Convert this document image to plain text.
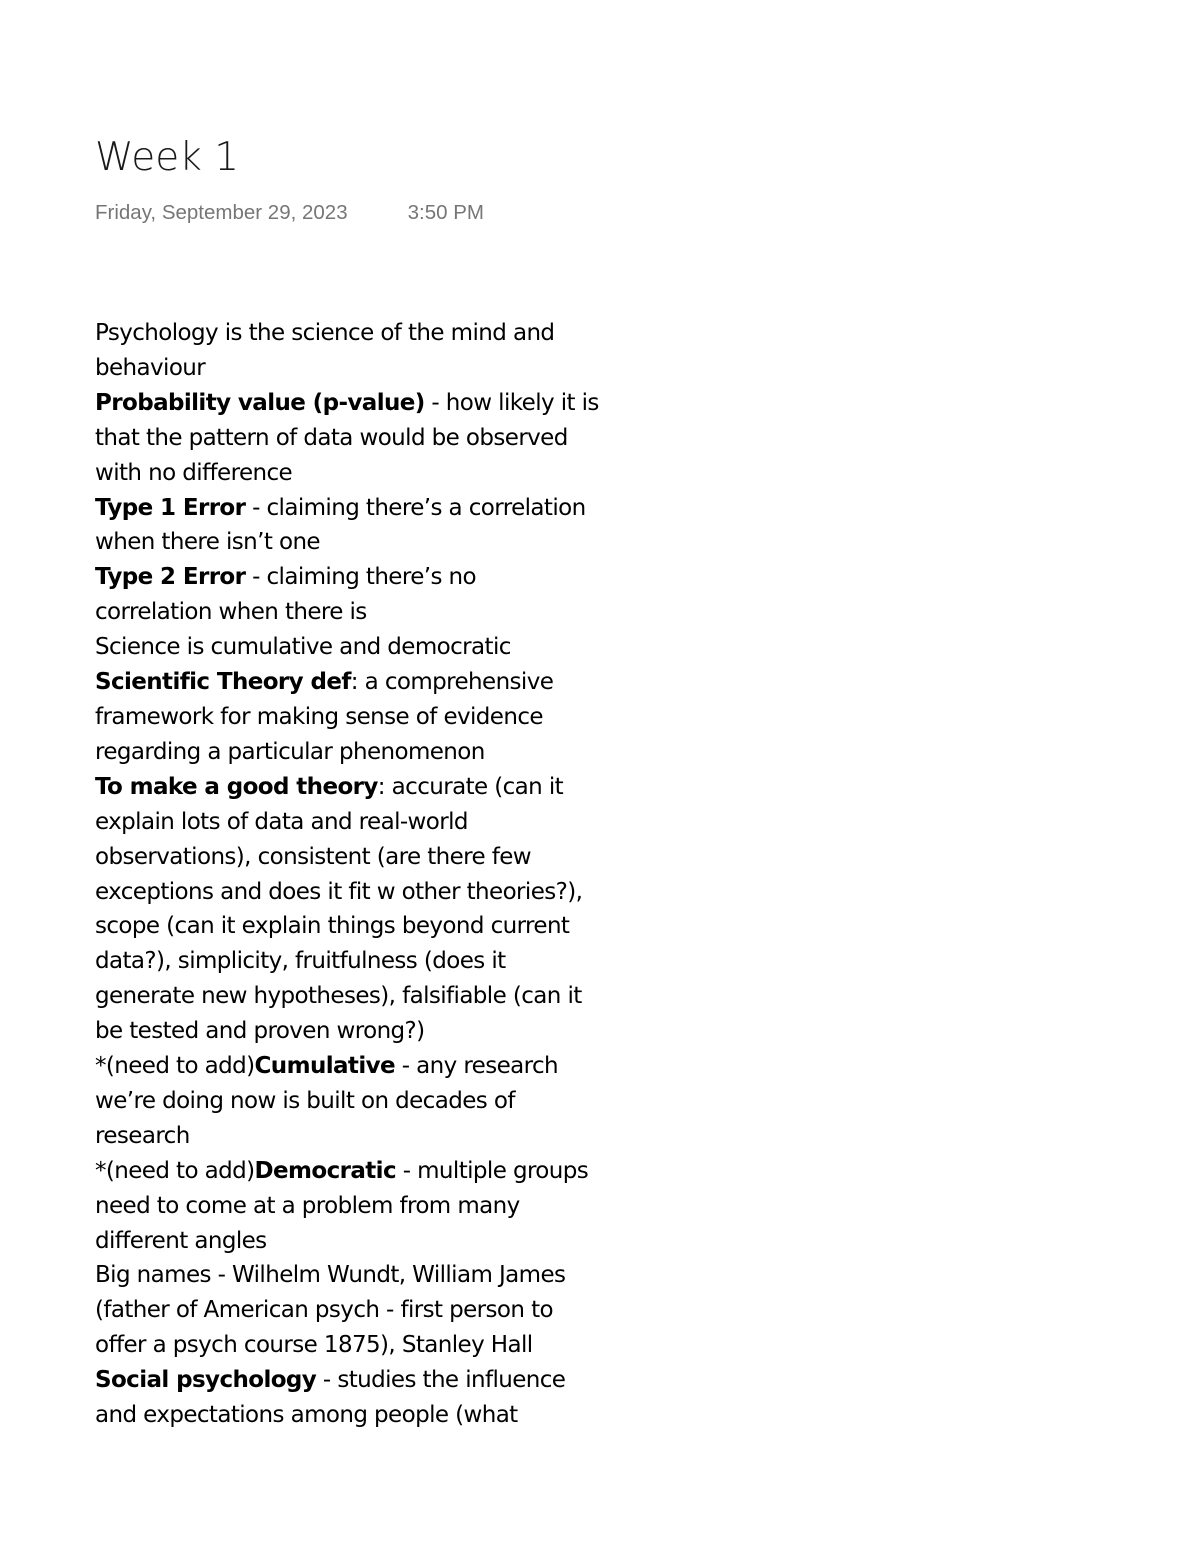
Week 1
Friday, September 29, 2023	3:50 PM
Psychology is the science of the mind and
behaviour
Probability value (p-value) - how likely it is
that the pattern of data would be observed
with no difference
Type 1 Error - claiming there’s a correlation
when there isn’t one
Type 2 Error - claiming there’s no
correlation when there is
Science is cumulative and democratic
Scientific Theory def: a comprehensive
framework for making sense of evidence
regarding a particular phenomenon
To make a good theory: accurate (can it
explain lots of data and real-world
observations), consistent (are there few
exceptions and does it fit w other theories?),
scope (can it explain things beyond current
data?), simplicity, fruitfulness (does it
generate new hypotheses), falsifiable (can it
be tested and proven wrong?)
*(need to add)Cumulative - any research
we’re doing now is built on decades of
research
*(need to add)Democratic - multiple groups
need to come at a problem from many
different angles
Big names - Wilhelm Wundt, William James
(father of American psych - first person to
offer a psych course 1875), Stanley Hall
Social psychology - studies the influence
and expectations among people (what
